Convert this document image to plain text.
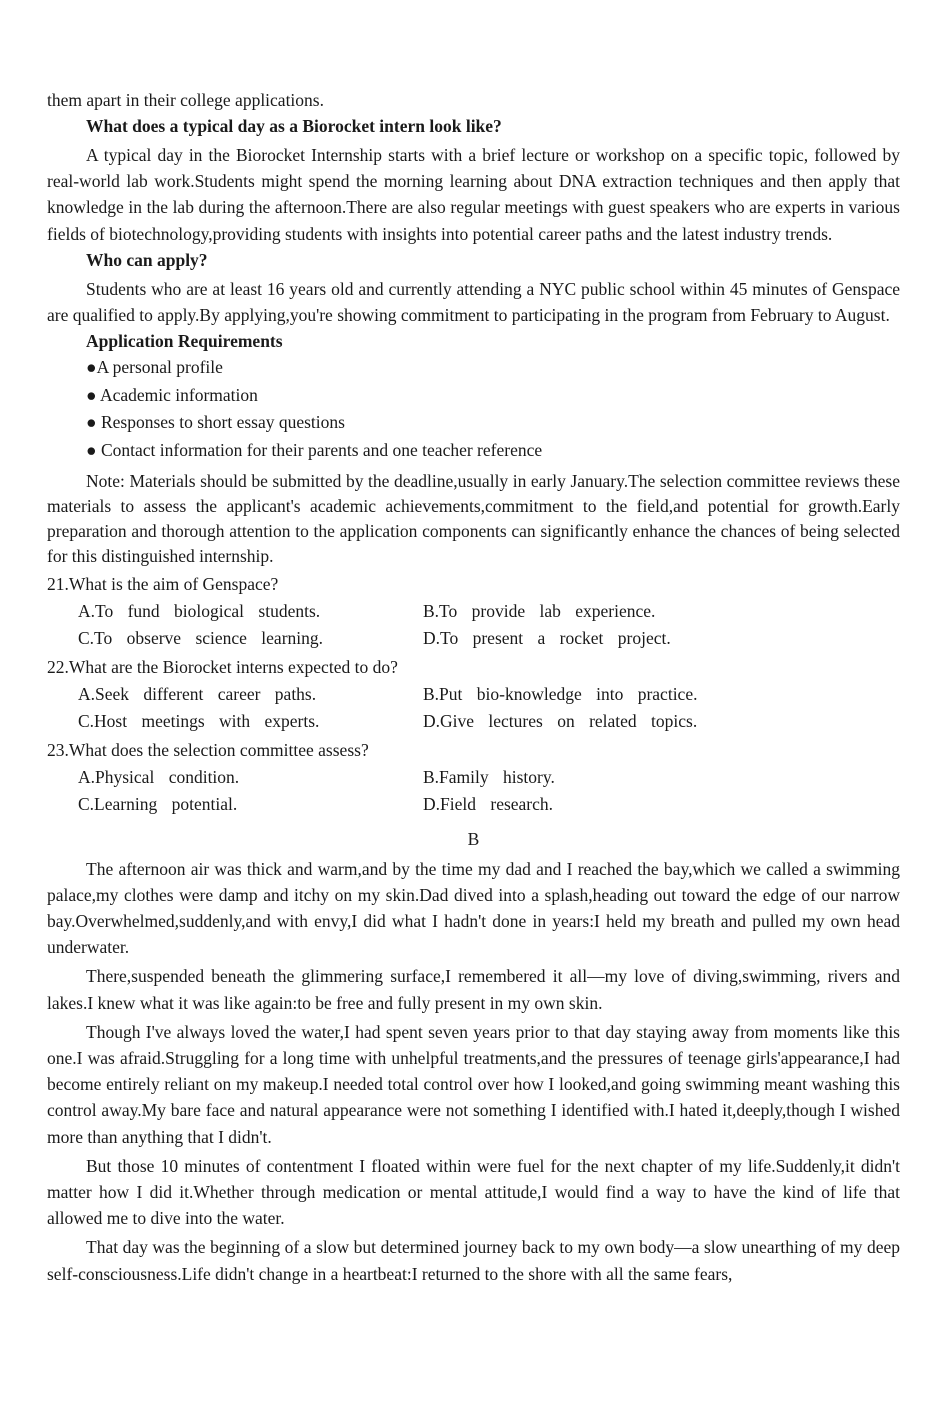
them apart in their college applications.

What does a typical day as a Biorocket intern look like?

A typical day in the Biorocket Internship starts with a brief lecture or workshop on a specific topic, followed by real-world lab work.Students might spend the morning learning about DNA extraction techniques and then apply that knowledge in the lab during the afternoon.There are also regular meetings with guest speakers who are experts in various fields of biotechnology,providing students with insights into potential career paths and the latest industry trends.

Who can apply?

Students who are at least 16 years old and currently attending a NYC public school within 45 minutes of Genspace are qualified to apply.By applying,you're showing commitment to participating in the program from February to August.

Application Requirements

●A personal profile

● Academic information

● Responses to short essay questions

● Contact information for their parents and one teacher reference

Note: Materials should be submitted by the deadline,usually in early January.The selection committee reviews these materials to assess the applicant's academic achievements,commitment to the field,and potential for growth.Early preparation and thorough attention to the application components can significantly enhance the chances of being selected for this distinguished internship.

21.What is the aim of Genspace?

A.To fund biological students.	B.To provide lab experience.
C.To observe science learning.	D.To present a rocket project.

22.What are the Biorocket interns expected to do?

A.Seek different career paths.	B.Put bio-knowledge into practice.
C.Host meetings with experts.	D.Give lectures on related topics.

23.What does the selection committee assess?

A.Physical condition.	B.Family history.
C.Learning potential.	D.Field research.

B

The afternoon air was thick and warm,and by the time my dad and I reached the bay,which we called a swimming palace,my clothes were damp and itchy on my skin.Dad dived into a splash,heading out toward the edge of our narrow bay.Overwhelmed,suddenly,and with envy,I did what I hadn't done in years:I held my breath and pulled my own head underwater.

There,suspended beneath the glimmering surface,I remembered it all—my love of diving,swimming, rivers and lakes.I knew what it was like again:to be free and fully present in my own skin.

Though I've always loved the water,I had spent seven years prior to that day staying away from moments like this one.I was afraid.Struggling for a long time with unhelpful treatments,and the pressures of teenage girls'appearance,I had become entirely reliant on my makeup.I needed total control over how I looked,and going swimming meant washing this control away.My bare face and natural appearance were not something I identified with.I hated it,deeply,though I wished more than anything that I didn't.

But those 10 minutes of contentment I floated within were fuel for the next chapter of my life.Suddenly,it didn't matter how I did it.Whether through medication or mental attitude,I would find a way to have the kind of life that allowed me to dive into the water.

That day was the beginning of a slow but determined journey back to my own body—a slow unearthing of my deep self-consciousness.Life didn't change in a heartbeat:I returned to the shore with all the same fears,
